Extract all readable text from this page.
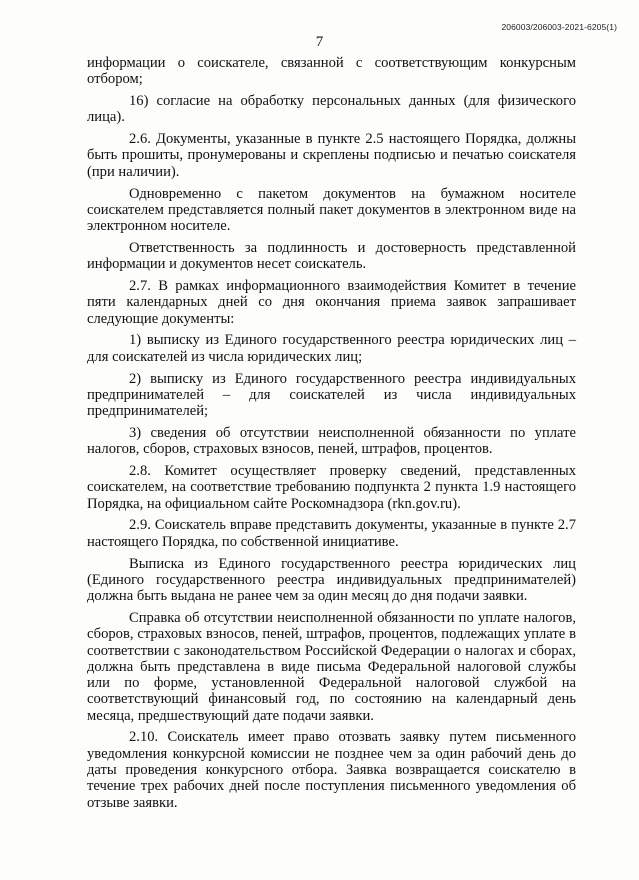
206003/206003-2021-6205(1)
7

информации о соискателе, связанной с соответствующим конкурсным отбором;

16) согласие на обработку персональных данных (для физического лица).

2.6. Документы, указанные в пункте 2.5 настоящего Порядка, должны быть прошиты, пронумерованы и скреплены подписью и печатью соискателя (при наличии).

Одновременно с пакетом документов на бумажном носителе соискателем представляется полный пакет документов в электронном виде на электронном носителе.

Ответственность за подлинность и достоверность представленной информации и документов несет соискатель.

2.7. В рамках информационного взаимодействия Комитет в течение пяти календарных дней со дня окончания приема заявок запрашивает следующие документы:

1) выписку из Единого государственного реестра юридических лиц – для соискателей из числа юридических лиц;

2) выписку из Единого государственного реестра индивидуальных предпринимателей – для соискателей из числа индивидуальных предпринимателей;

3) сведения об отсутствии неисполненной обязанности по уплате налогов, сборов, страховых взносов, пеней, штрафов, процентов.

2.8. Комитет осуществляет проверку сведений, представленных соискателем, на соответствие требованию подпункта 2 пункта 1.9 настоящего Порядка, на официальном сайте Роскомнадзора (rkn.gov.ru).

2.9. Соискатель вправе представить документы, указанные в пункте 2.7 настоящего Порядка, по собственной инициативе.

Выписка из Единого государственного реестра юридических лиц (Единого государственного реестра индивидуальных предпринимателей) должна быть выдана не ранее чем за один месяц до дня подачи заявки.

Справка об отсутствии неисполненной обязанности по уплате налогов, сборов, страховых взносов, пеней, штрафов, процентов, подлежащих уплате в соответствии с законодательством Российской Федерации о налогах и сборах, должна быть представлена в виде письма Федеральной налоговой службы или по форме, установленной Федеральной налоговой службой на соответствующий финансовый год, по состоянию на календарный день месяца, предшествующий дате подачи заявки.

2.10. Соискатель имеет право отозвать заявку путем письменного уведомления конкурсной комиссии не позднее чем за один рабочий день до даты проведения конкурсного отбора. Заявка возвращается соискателю в течение трех рабочих дней после поступления письменного уведомления об отзыве заявки.
